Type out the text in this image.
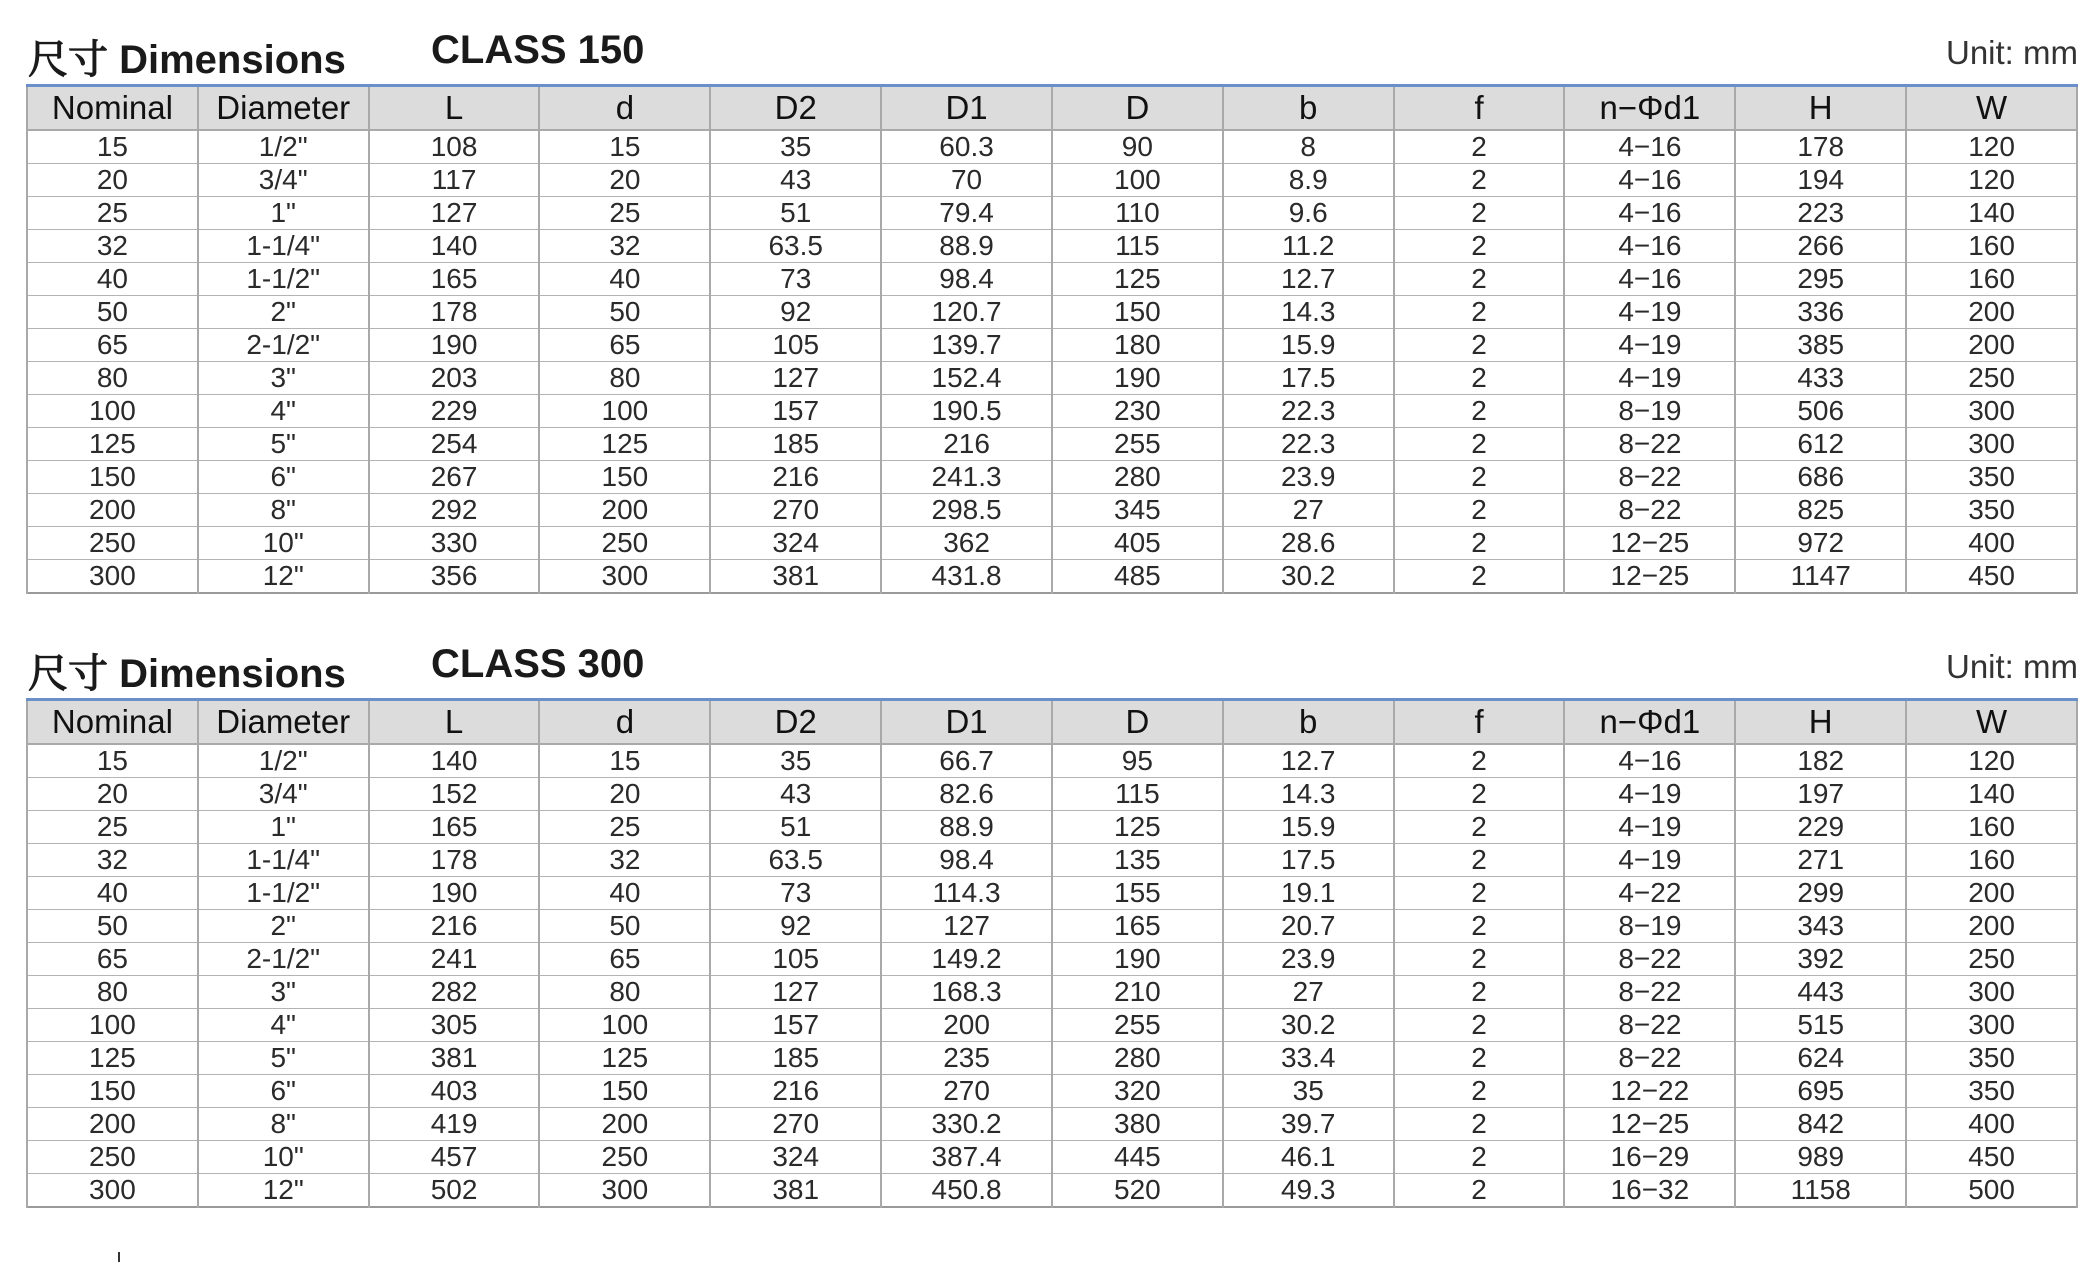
尺寸 Dimensions CLASS 150	Unit: mm
Nominal	Diameter	L	d	D2	D1	D	b	f	n−Φd1	H	W
15	1/2"	108	15	35	60.3	90	8	2	4−16	178	120
20	3/4"	117	20	43	70	100	8.9	2	4−16	194	120
25	1"	127	25	51	79.4	110	9.6	2	4−16	223	140
32	1-1/4"	140	32	63.5	88.9	115	11.2	2	4−16	266	160
40	1-1/2"	165	40	73	98.4	125	12.7	2	4−16	295	160
50	2"	178	50	92	120.7	150	14.3	2	4−19	336	200
65	2-1/2"	190	65	105	139.7	180	15.9	2	4−19	385	200
80	3"	203	80	127	152.4	190	17.5	2	4−19	433	250
100	4"	229	100	157	190.5	230	22.3	2	8−19	506	300
125	5"	254	125	185	216	255	22.3	2	8−22	612	300
150	6"	267	150	216	241.3	280	23.9	2	8−22	686	350
200	8"	292	200	270	298.5	345	27	2	8−22	825	350
250	10"	330	250	324	362	405	28.6	2	12−25	972	400
300	12"	356	300	381	431.8	485	30.2	2	12−25	1147	450
尺寸 Dimensions CLASS 300	Unit: mm
Nominal	Diameter	L	d	D2	D1	D	b	f	n−Φd1	H	W
15	1/2"	140	15	35	66.7	95	12.7	2	4−16	182	120
20	3/4"	152	20	43	82.6	115	14.3	2	4−19	197	140
25	1"	165	25	51	88.9	125	15.9	2	4−19	229	160
32	1-1/4"	178	32	63.5	98.4	135	17.5	2	4−19	271	160
40	1-1/2"	190	40	73	114.3	155	19.1	2	4−22	299	200
50	2"	216	50	92	127	165	20.7	2	8−19	343	200
65	2-1/2"	241	65	105	149.2	190	23.9	2	8−22	392	250
80	3"	282	80	127	168.3	210	27	2	8−22	443	300
100	4"	305	100	157	200	255	30.2	2	8−22	515	300
125	5"	381	125	185	235	280	33.4	2	8−22	624	350
150	6"	403	150	216	270	320	35	2	12−22	695	350
200	8"	419	200	270	330.2	380	39.7	2	12−25	842	400
250	10"	457	250	324	387.4	445	46.1	2	16−29	989	450
300	12"	502	300	381	450.8	520	49.3	2	16−32	1158	500
